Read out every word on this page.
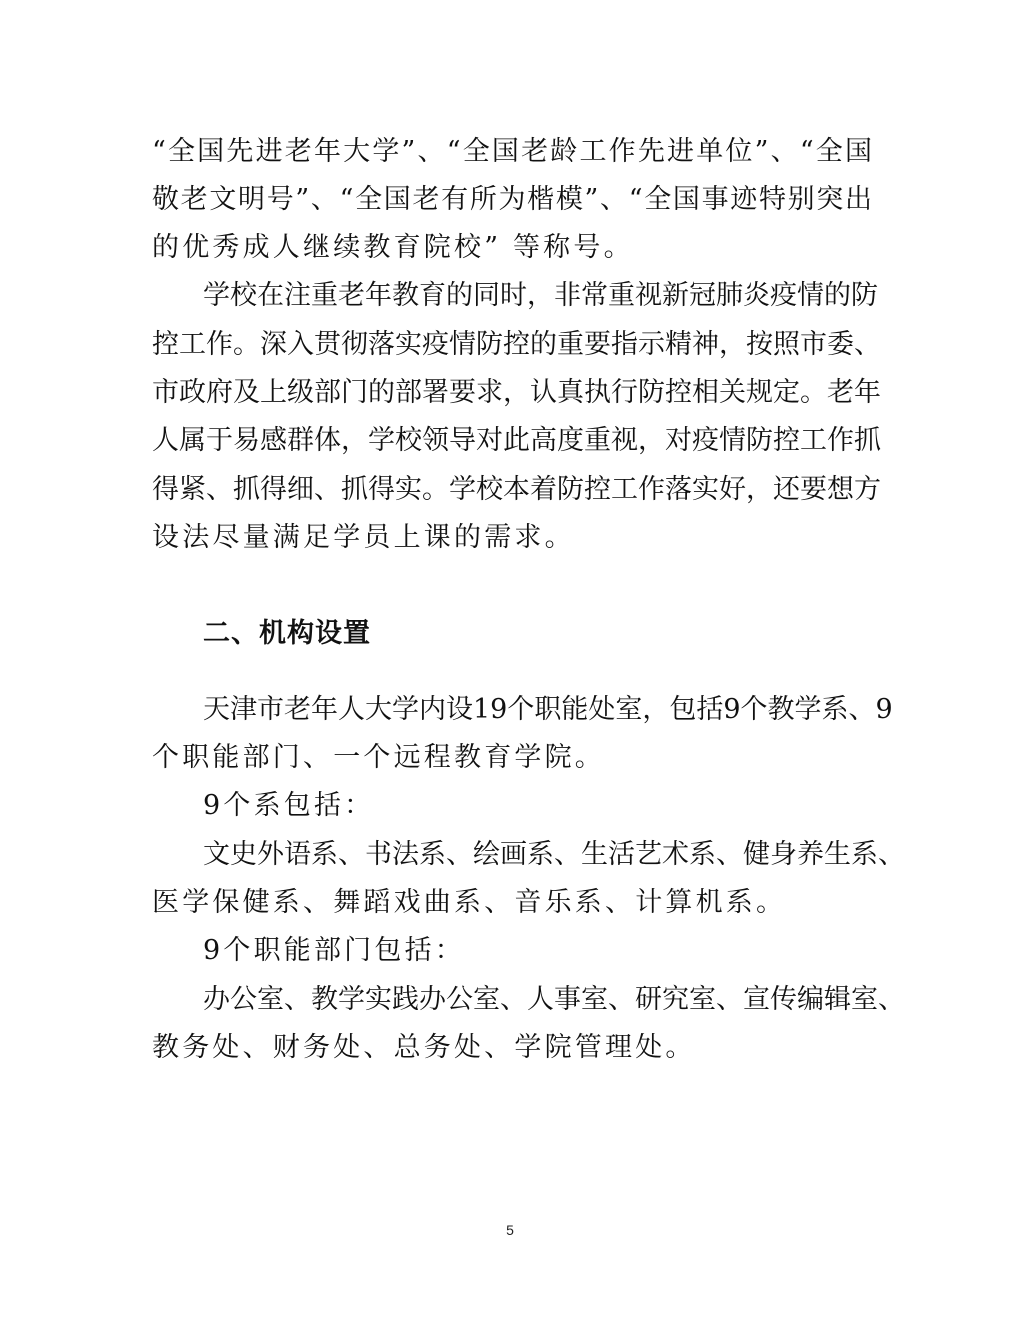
“全国先进老年大学”、“全国老龄工作先进单位”、“全国
敬老文明号”、“全国老有所为楷模”、“全国事迹特别突出
的优秀成人继续教育院校” 等称号。
学校在注重老年教育的同时，非常重视新冠肺炎疫情的防
控工作。深入贯彻落实疫情防控的重要指示精神，按照市委、
市政府及上级部门的部署要求，认真执行防控相关规定。老年
人属于易感群体，学校领导对此高度重视，对疫情防控工作抓
得紧、抓得细、抓得实。学校本着防控工作落实好，还要想方
设法尽量满足学员上课的需求。
二、机构设置
天津市老年人大学内设19个职能处室，包括9个教学系、9
个职能部门、一个远程教育学院。
9个系包括：
文史外语系、书法系、绘画系、生活艺术系、健身养生系、
医学保健系、舞蹈戏曲系、音乐系、计算机系。
9个职能部门包括：
办公室、教学实践办公室、人事室、研究室、宣传编辑室、
教务处、财务处、总务处、学院管理处。
5
